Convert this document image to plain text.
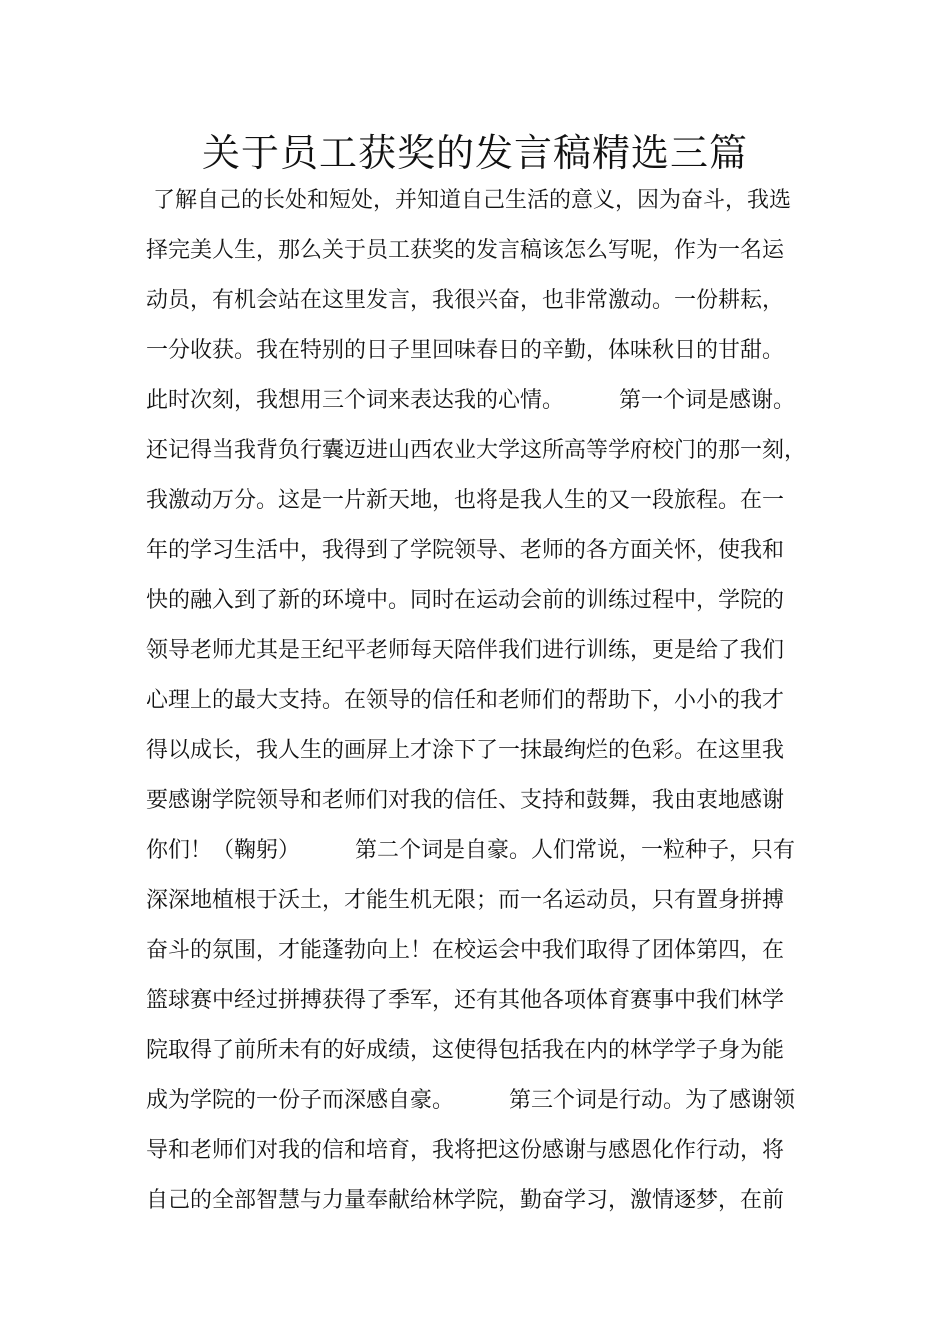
关于员工获奖的发言稿精选三篇
了解自己的长处和短处，并知道自己生活的意义，因为奋斗，我选
择完美人生，那么关于员工获奖的发言稿该怎么写呢，作为一名运
动员，有机会站在这里发言，我很兴奋，也非常激动。一份耕耘，
一分收获。我在特别的日子里回味春日的辛勤，体味秋日的甘甜。
此时次刻，我想用三个词来表达我的心情。　　　第一个词是感谢。
还记得当我背负行囊迈进山西农业大学这所高等学府校门的那一刻，
我激动万分。这是一片新天地，也将是我人生的又一段旅程。在一
年的学习生活中，我得到了学院领导、老师的各方面关怀，使我和
快的融入到了新的环境中。同时在运动会前的训练过程中，学院的
领导老师尤其是王纪平老师每天陪伴我们进行训练，更是给了我们
心理上的最大支持。在领导的信任和老师们的帮助下，小小的我才
得以成长，我人生的画屏上才涂下了一抹最绚烂的色彩。在这里我
要感谢学院领导和老师们对我的信任、支持和鼓舞，我由衷地感谢
你们！（鞠躬）　　　第二个词是自豪。人们常说，一粒种子，只有
深深地植根于沃土，才能生机无限；而一名运动员，只有置身拼搏
奋斗的氛围，才能蓬勃向上！在校运会中我们取得了团体第四，在
篮球赛中经过拼搏获得了季军，还有其他各项体育赛事中我们林学
院取得了前所未有的好成绩，这使得包括我在内的林学学子身为能
成为学院的一份子而深感自豪。　　　第三个词是行动。为了感谢领
导和老师们对我的信和培育，我将把这份感谢与感恩化作行动，将
自己的全部智慧与力量奉献给林学院，勤奋学习，激情逐梦，在前
